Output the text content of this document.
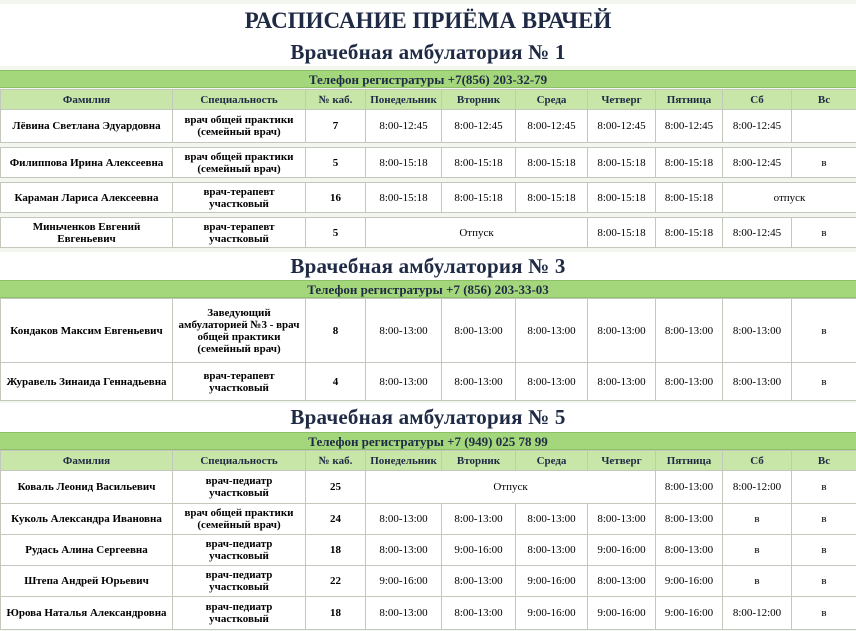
РАСПИСАНИЕ ПРИЁМА ВРАЧЕЙ
Врачебная амбулатория № 1
Телефон регистратуры +7(856) 203-32-79
Фамилия	Специальность	№ каб.	Понедельник	Вторник	Среда	Четверг	Пятница	Сб	Вс
Лёвина Светлана Эдуардовна	врач общей практики (семейный врач)	7	8:00-12:45	8:00-12:45	8:00-12:45	8:00-12:45	8:00-12:45	8:00-12:45	

Филиппова Ирина Алексеевна	врач общей практики (семейный врач)	5	8:00-15:18	8:00-15:18	8:00-15:18	8:00-15:18	8:00-15:18	8:00-12:45	в

Караман Лариса Алексеевна	врач-терапевт участковый	16	8:00-15:18	8:00-15:18	8:00-15:18	8:00-15:18	8:00-15:18	отпуск	

Миньченков Евгений Евгеньевич	врач-терапевт участковый	5	Отпуск			8:00-15:18	8:00-15:18	8:00-12:45	в
Врачебная амбулатория № 3
Телефон регистратуры +7 (856) 203-33-03
Кондаков Максим Евгеньевич	Заведующий амбулаторией №3 - врач общей практики (семейный врач)	8	8:00-13:00	8:00-13:00	8:00-13:00	8:00-13:00	8:00-13:00	8:00-13:00	в
Журавель Зинаида Геннадьевна	врач-терапевт участковый	4	8:00-13:00	8:00-13:00	8:00-13:00	8:00-13:00	8:00-13:00	8:00-13:00	в
Врачебная амбулатория № 5
Телефон регистратуры +7 (949) 025 78 99
Фамилия	Специальность	№ каб.	Понедельник	Вторник	Среда	Четверг	Пятница	Сб	Вс
Коваль Леонид Васильевич	врач-педиатр участковый	25	Отпуск				8:00-13:00	8:00-12:00	в
Куколь Александра Ивановна	врач общей практики (семейный врач)	24	8:00-13:00	8:00-13:00	8:00-13:00	8:00-13:00	8:00-13:00	в	в
Рудась Алина Сергеевна	врач-педиатр участковый	18	8:00-13:00	9:00-16:00	8:00-13:00	9:00-16:00	8:00-13:00	в	в
Штепа Андрей Юрьевич	врач-педиатр участковый	22	9:00-16:00	8:00-13:00	9:00-16:00	8:00-13:00	9:00-16:00	в	в
Юрова Наталья Александровна	врач-педиатр участковый	18	8:00-13:00	8:00-13:00	9:00-16:00	9:00-16:00	9:00-16:00	8:00-12:00	в
